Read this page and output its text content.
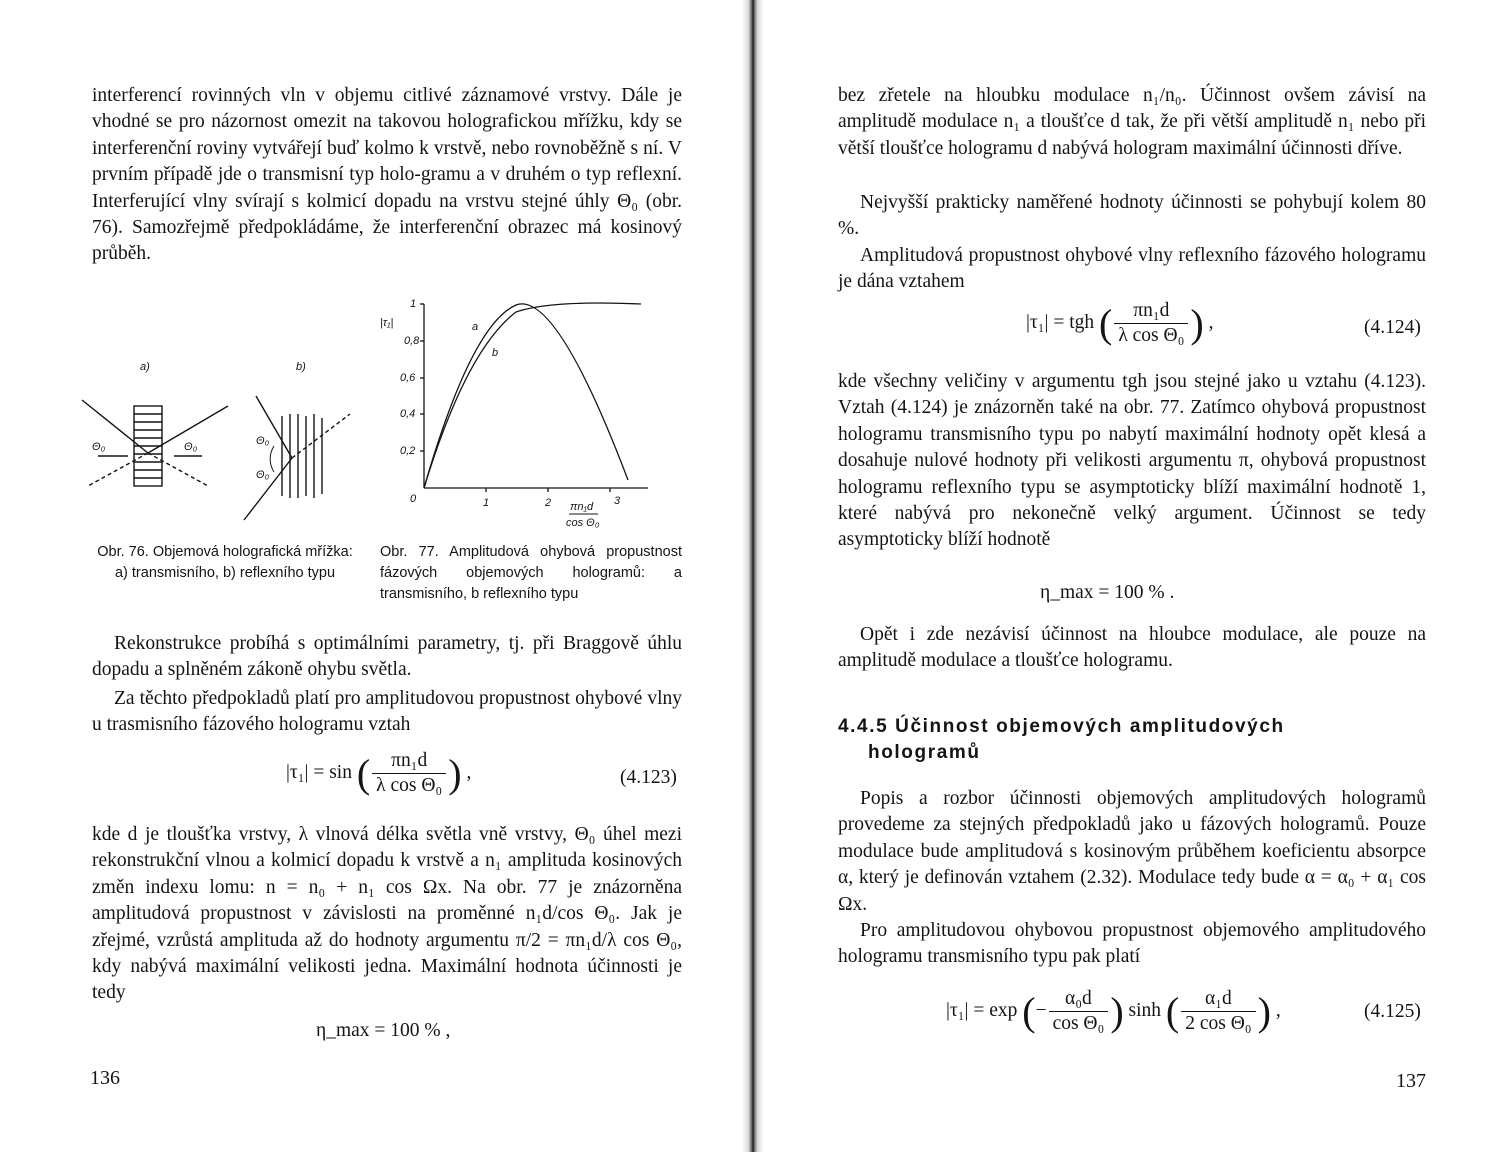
interferencí rovinných vln v objemu citlivé záznamové vrstvy. Dále je vhodné se pro názornost omezit na takovou holografickou mřížku, kdy se interferenční roviny vytvářejí buď kolmo k vrstvě, nebo rovnoběžně s ní. V prvním případě jde o transmisní typ holo-gramu a v druhém o typ reflexní. Interferující vlny svírají s kolmicí dopadu na vrstvu stejné úhly Θ₀ (obr. 76). Samozřejmě předpokládáme, že interferenční obrazec má kosinový průběh.

a)	b)
Θ₀	Θ₀	Θ₀
Θ₀
|τ₁|
1
0,8
0,6
0,4
0,2
0	1	2	3
πn₁d
cos Θ₀
a
b

Obr. 76. Objemová holografická mřížka: a) transmisního, b) reflexního typu

Obr. 77. Amplitudová ohybová propustnost fázových objemových hologramů: a transmisního, b reflexního typu

Rekonstrukce probíhá s optimálními parametry, tj. při Braggově úhlu dopadu a splněném zákoně ohybu světla.

Za těchto předpokladů platí pro amplitudovou propustnost ohybové vlny u trasmisního fázového hologramu vztah

|τ₁| = sin ( $\frac{\text{πn₁d}}{\text{λ cos Θ₀}}$ ) ,	(4.123)

kde d je tloušťka vrstvy, λ vlnová délka světla vně vrstvy, Θ₀ úhel mezi rekonstrukční vlnou a kolmicí dopadu k vrstvě a n₁ amplituda kosinových změn indexu lomu: n = n₀ + n₁ cos Ωx. Na obr. 77 je znázorněna amplitudová propustnost v závislosti na proměnné n₁d/cos Θ₀. Jak je zřejmé, vzrůstá amplituda až do hodnoty argumentu π/2 = πn₁d/λ cos Θ₀, kdy nabývá maximální velikosti jedna. Maximální hodnota účinnosti je tedy

η_max = 100 % ,
136

bez zřetele na hloubku modulace n₁/n₀. Účinnost ovšem závisí na amplitudě modulace n₁ a tloušťce d tak, že při větší amplitudě n₁ nebo při větší tloušťce hologramu d nabývá hologram maximální účinnosti dříve.

Nejvyšší prakticky naměřené hodnoty účinnosti se pohybují kolem 80 %.

Amplitudová propustnost ohybové vlny reflexního fázového hologramu je dána vztahem

|τ₁| = tgh ( $\frac{\text{πn₁d}}{\text{λ cos Θ₀}}$ ) ,	(4.124)

kde všechny veličiny v argumentu tgh jsou stejné jako u vztahu (4.123). Vztah (4.124) je znázorněn také na obr. 77. Zatímco ohybová propustnost hologramu transmisního typu po nabytí maximální hodnoty opět klesá a dosahuje nulové hodnoty při velikosti argumentu π, ohybová propustnost hologramu reflexního typu se asymptoticky blíží maximální hodnotě 1, které nabývá pro nekonečně velký argument. Účinnost se tedy asymptoticky blíží hodnotě

η_max = 100 % .

Opět i zde nezávisí účinnost na hloubce modulace, ale pouze na amplitudě modulace a tloušťce hologramu.

4.4.5 Účinnost objemových amplitudových
hologramů

Popis a rozbor účinnosti objemových amplitudových hologramů provedeme za stejných předpokladů jako u fázových hologramů. Pouze modulace bude amplitudová s kosinovým průběhem koeficientu absorpce α, který je definován vztahem (2.32). Modulace tedy bude α = α₀ + α₁ cos Ωx.

Pro amplitudovou ohybovou propustnost objemového amplitudového hologramu transmisního typu pak platí

|τ₁| = exp (− $\frac{\text{α₀d}}{\text{cos Θ₀}}$ ) sinh ( $\frac{\text{α₁d}}{\text{2 cos Θ₀}}$ ) ,	(4.125)
137
